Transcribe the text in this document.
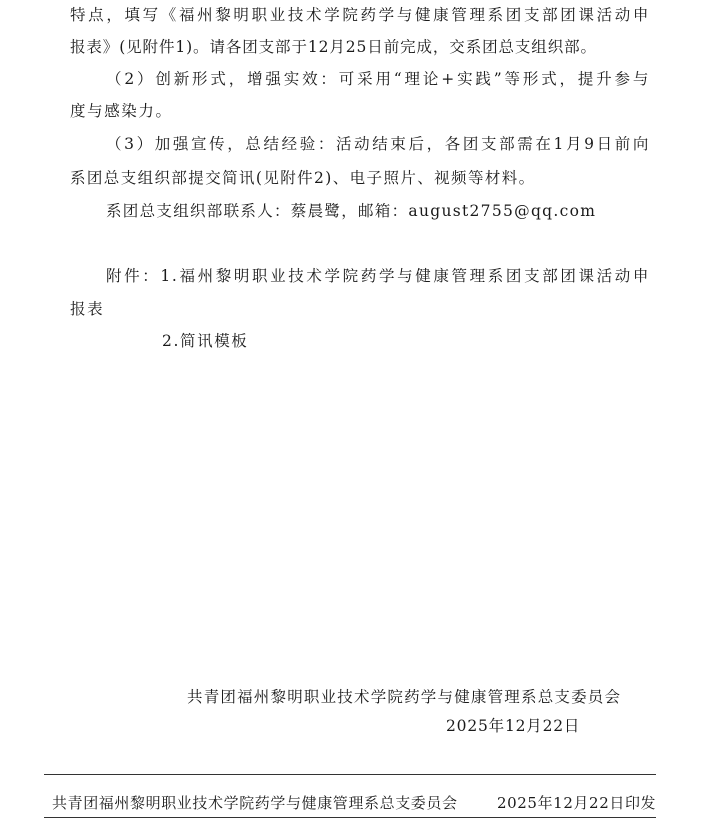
特点，填写《福州黎明职业技术学院药学与健康管理系团支部团课活动申
报表》(见附件1)。请各团支部于12月25日前完成，交系团总支组织部。
（2）创新形式，增强实效：可采用“理论+实践”等形式，提升参与
度与感染力。
（3）加强宣传，总结经验：活动结束后，各团支部需在1月9日前向
系团总支组织部提交简讯(见附件2)、电子照片、视频等材料。
系团总支组织部联系人：蔡晨鹭，邮箱：august2755@qq.com
附件：1.福州黎明职业技术学院药学与健康管理系团支部团课活动申
报表
2.简讯模板
共青团福州黎明职业技术学院药学与健康管理系总支委员会
2025年12月22日
共青团福州黎明职业技术学院药学与健康管理系总支委员会	2025年12月22日印发
